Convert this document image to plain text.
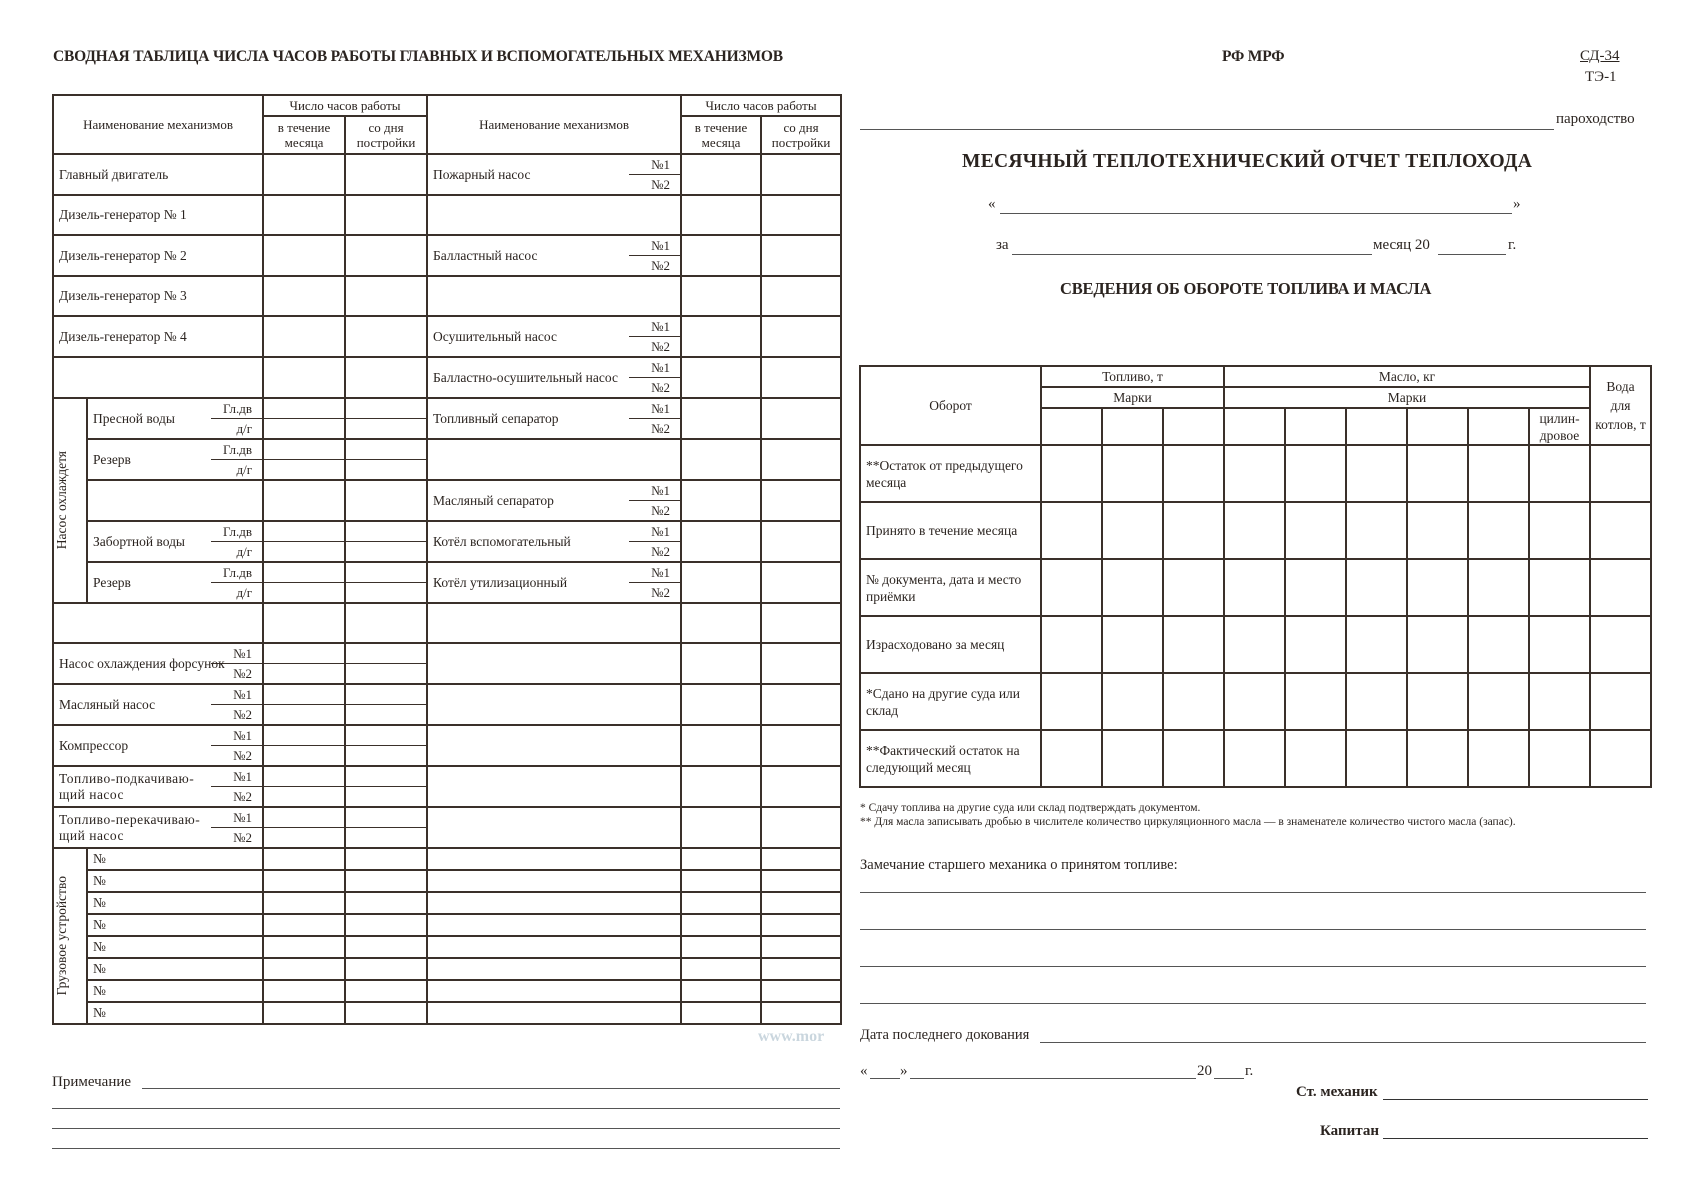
СВОДНАЯ ТАБЛИЦА ЧИСЛА ЧАСОВ РАБОТЫ ГЛАВНЫХ И ВСПОМОГАТЕЛЬНЫХ МЕХАНИЗМОВ
Наименование механизмов			Число часов работы		Наименование механизмов		Число часов работы	
			в течение месяца	со дня постройки			в течение месяца	со дня постройки
Главный двигатель					Пожарный насос	№1		
						№2		
Дизель-генератор № 1								
Дизель-генератор № 2					Балластный насос	№1		
						№2		
Дизель-генератор № 3								
Дизель-генератор № 4					Осушительный насос	№1		
						№2		
					Балластно-осушительный насос	№1		
						№2		

Насос охлаждетя	Пресной воды	Гл.дв			Топливный сепаратор	№1		
		д/г				№2		
	Резерв	Гл.дв						
		д/г						
					Масляный сепаратор	№1		
						№2		
	Забортной воды	Гл.дв			Котёл вспомогательный	№1		
		д/г				№2		
	Резерв	Гл.дв			Котёл утилизационный	№1		
		д/г				№2		

Насос охлаждения форсунок		№1						
		№2						
Масляный насос		№1						
		№2						
Компрессор		№1						
		№2						
Топливо-подкачиваю-щий насос		№1						
		№2						
Топливо-перекачиваю-щий насос		№1						
		№2						

Грузовое устройство	№							
	№							
	№							
	№							
	№							
	№							
	№							
	№							
Примечание
РФ МРФ	СД-34
ТЭ-1
пароходство
МЕСЯЧНЫЙ ТЕПЛОТЕХНИЧЕСКИЙ ОТЧЕТ ТЕПЛОХОДА
«	»
за	месяц 20	г.
СВЕДЕНИЯ ОБ ОБОРОТЕ ТОПЛИВА И МАСЛА
Оборот	Топливо, т			Масло, кг						Вода для котлов, т
	Марки			Марки						
									цилин-дровое	
**Остаток от предыдущего месяца										
Принято в течение месяца										
№ документа, дата и место приёмки										
Израсходовано за месяц										
*Сдано на другие суда или склад										
**Фактический остаток на следующий месяц										
* Сдачу топлива на другие суда или склад подтверждать документом.
** Для масла записывать дробью в числителе количество циркуляционного масла — в знаменателе количество чистого масла (запас).
Замечание старшего механика о принятом топливе:
www.mor Дата последнего докования
« »	20 г.
Ст. механик
Капитан
